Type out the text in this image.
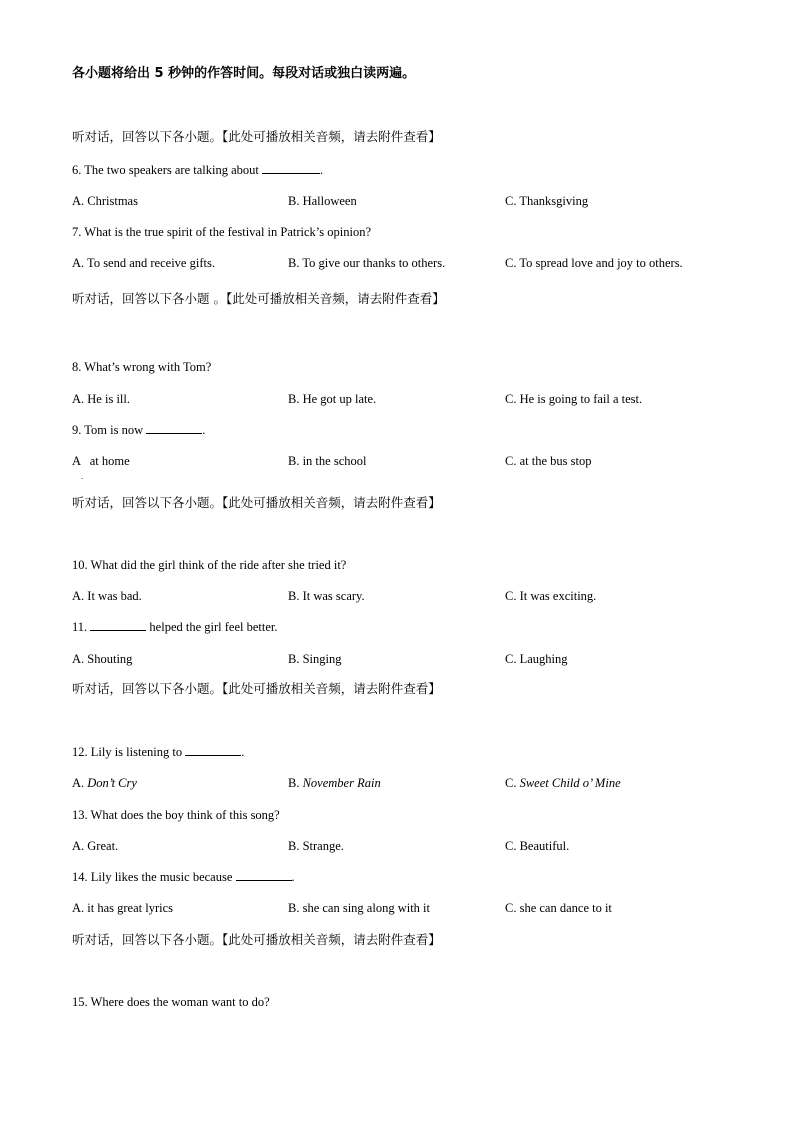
各小题将给出 5 秒钟的作答时间。每段对话或独白读两遍。
听对话，回答以下各小题。【此处可播放相关音频，请去附件查看】
6. The two speakers are talking about	.
A. Christmas	B. Halloween	C. Thanksgiving
7. What is the true spirit of the festival in Patrick’s opinion?
A. To send and receive gifts.	B. To give our thanks to others.	C. To spread love and joy to others.
听对话，回答以下各小题 。【此处可播放相关音频，请去附件查看】
8. What’s wrong with Tom?
A. He is ill.	B. He got up late.	C. He is going to fail a test.
9. Tom is now	.
A   at home
.
B. in the school	C. at the bus stop
听对话，回答以下各小题。【此处可播放相关音频，请去附件查看】
10. What did the girl think of the ride after she tried it?
A. It was bad.	B. It was scary.	C. It was exciting.
11.	helped the girl feel better.
A. Shouting	B. Singing	C. Laughing
听对话，回答以下各小题。【此处可播放相关音频，请去附件查看】
12. Lily is listening to	.
A. Don’t Cry	B. November Rain	C. Sweet Child o’ Mine
13. What does the boy think of this song?
A. Great.	B. Strange.	C. Beautiful.
14. Lily likes the music because	.
A. it has great lyrics	B. she can sing along with it	C. she can dance to it
听对话，回答以下各小题。【此处可播放相关音频，请去附件查看】
15. Where does the woman want to do?
